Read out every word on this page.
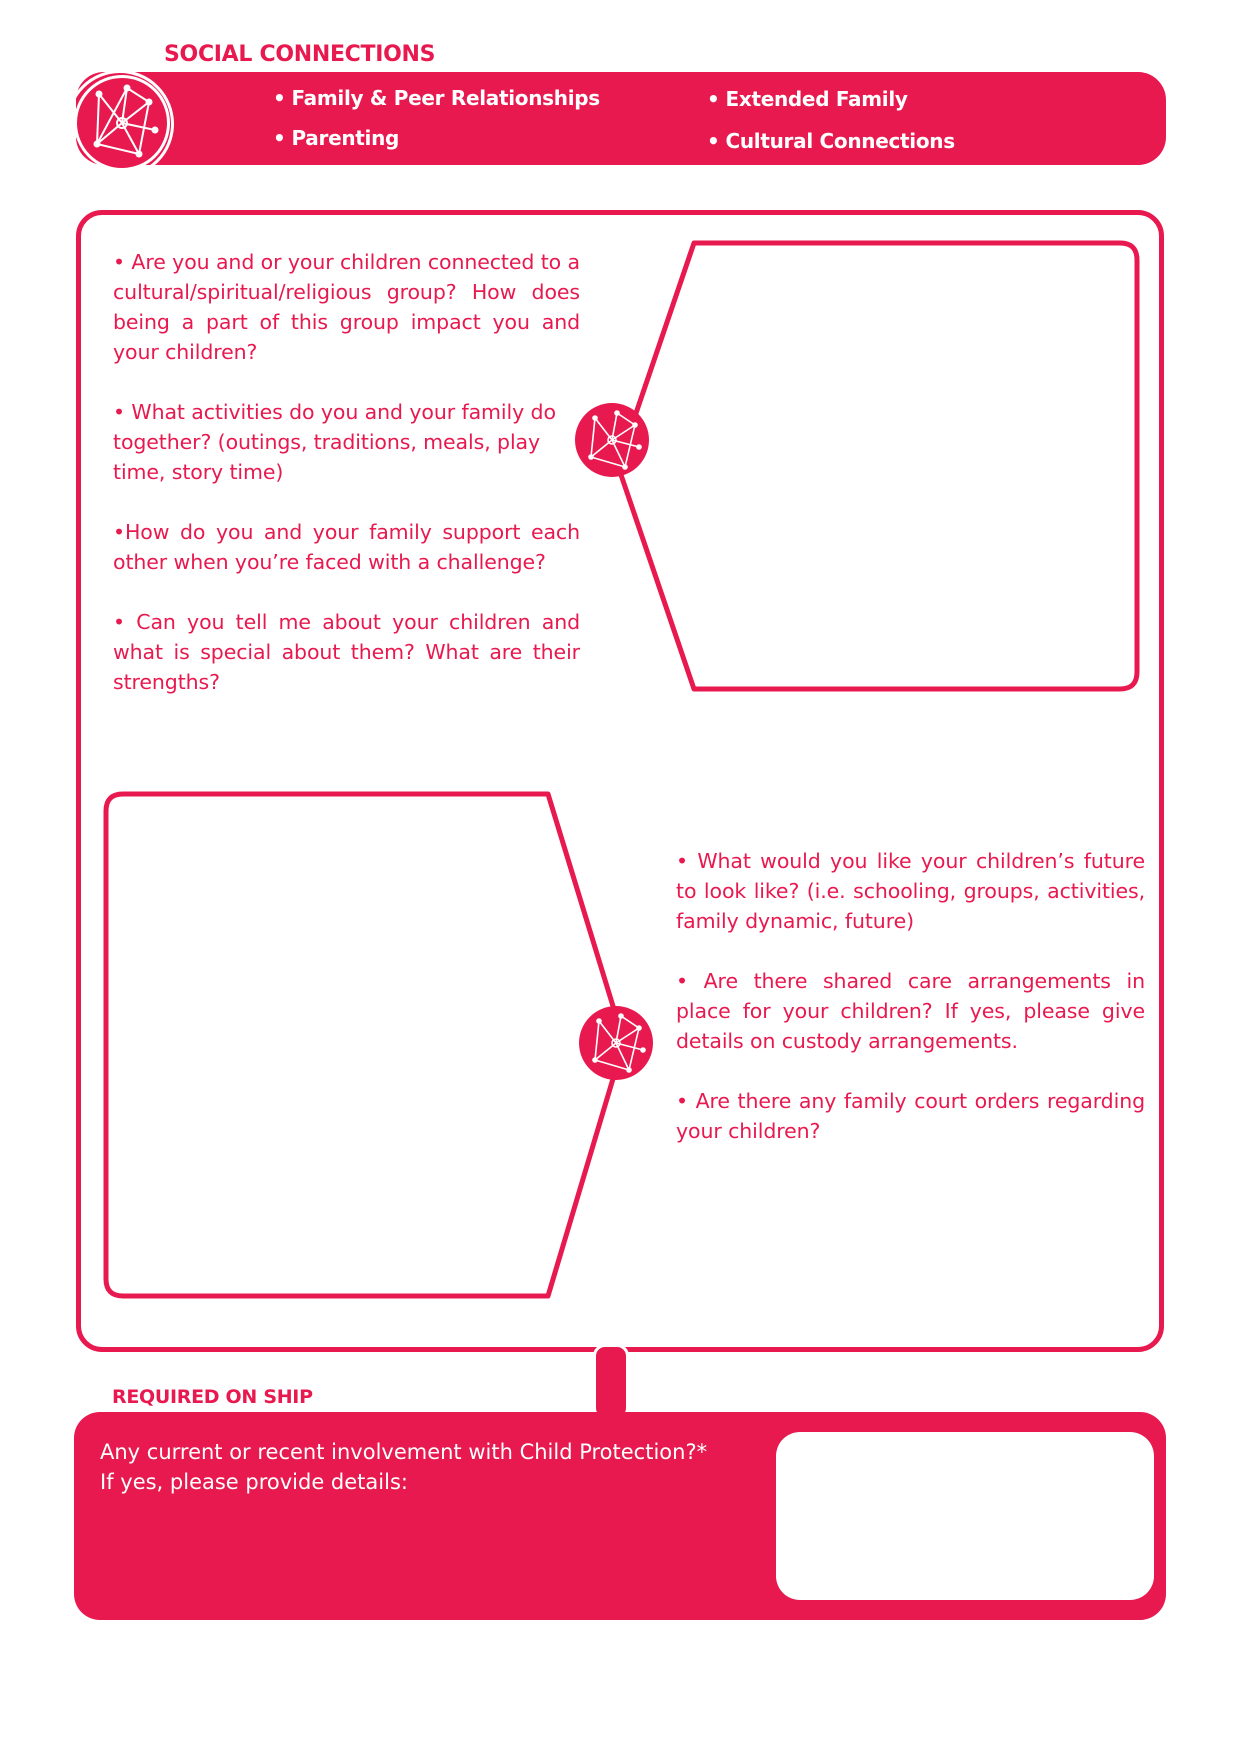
SOCIAL CONNECTIONS
• Family & Peer Relationships
• Parenting
• Extended Family
• Cultural Connections

• Are you and or your children connected to a cultural/spiritual/religious group? How does being a part of this group impact you and your children?

• What activities do you and your family do together? (outings, traditions, meals, play time, story time)

•How do you and your family support each other when you’re faced with a challenge?

• Can you tell me about your children and what is special about them? What are their strengths?

• What would you like your children’s future to look like? (i.e. schooling, groups, activities, family dynamic, future)

• Are there shared care arrangements in place for your children? If yes, please give details on custody arrangements.

• Are there any family court orders regarding your children?

REQUIRED ON SHIP
Any current or recent involvement with Child Protection?*
If yes, please provide details:
